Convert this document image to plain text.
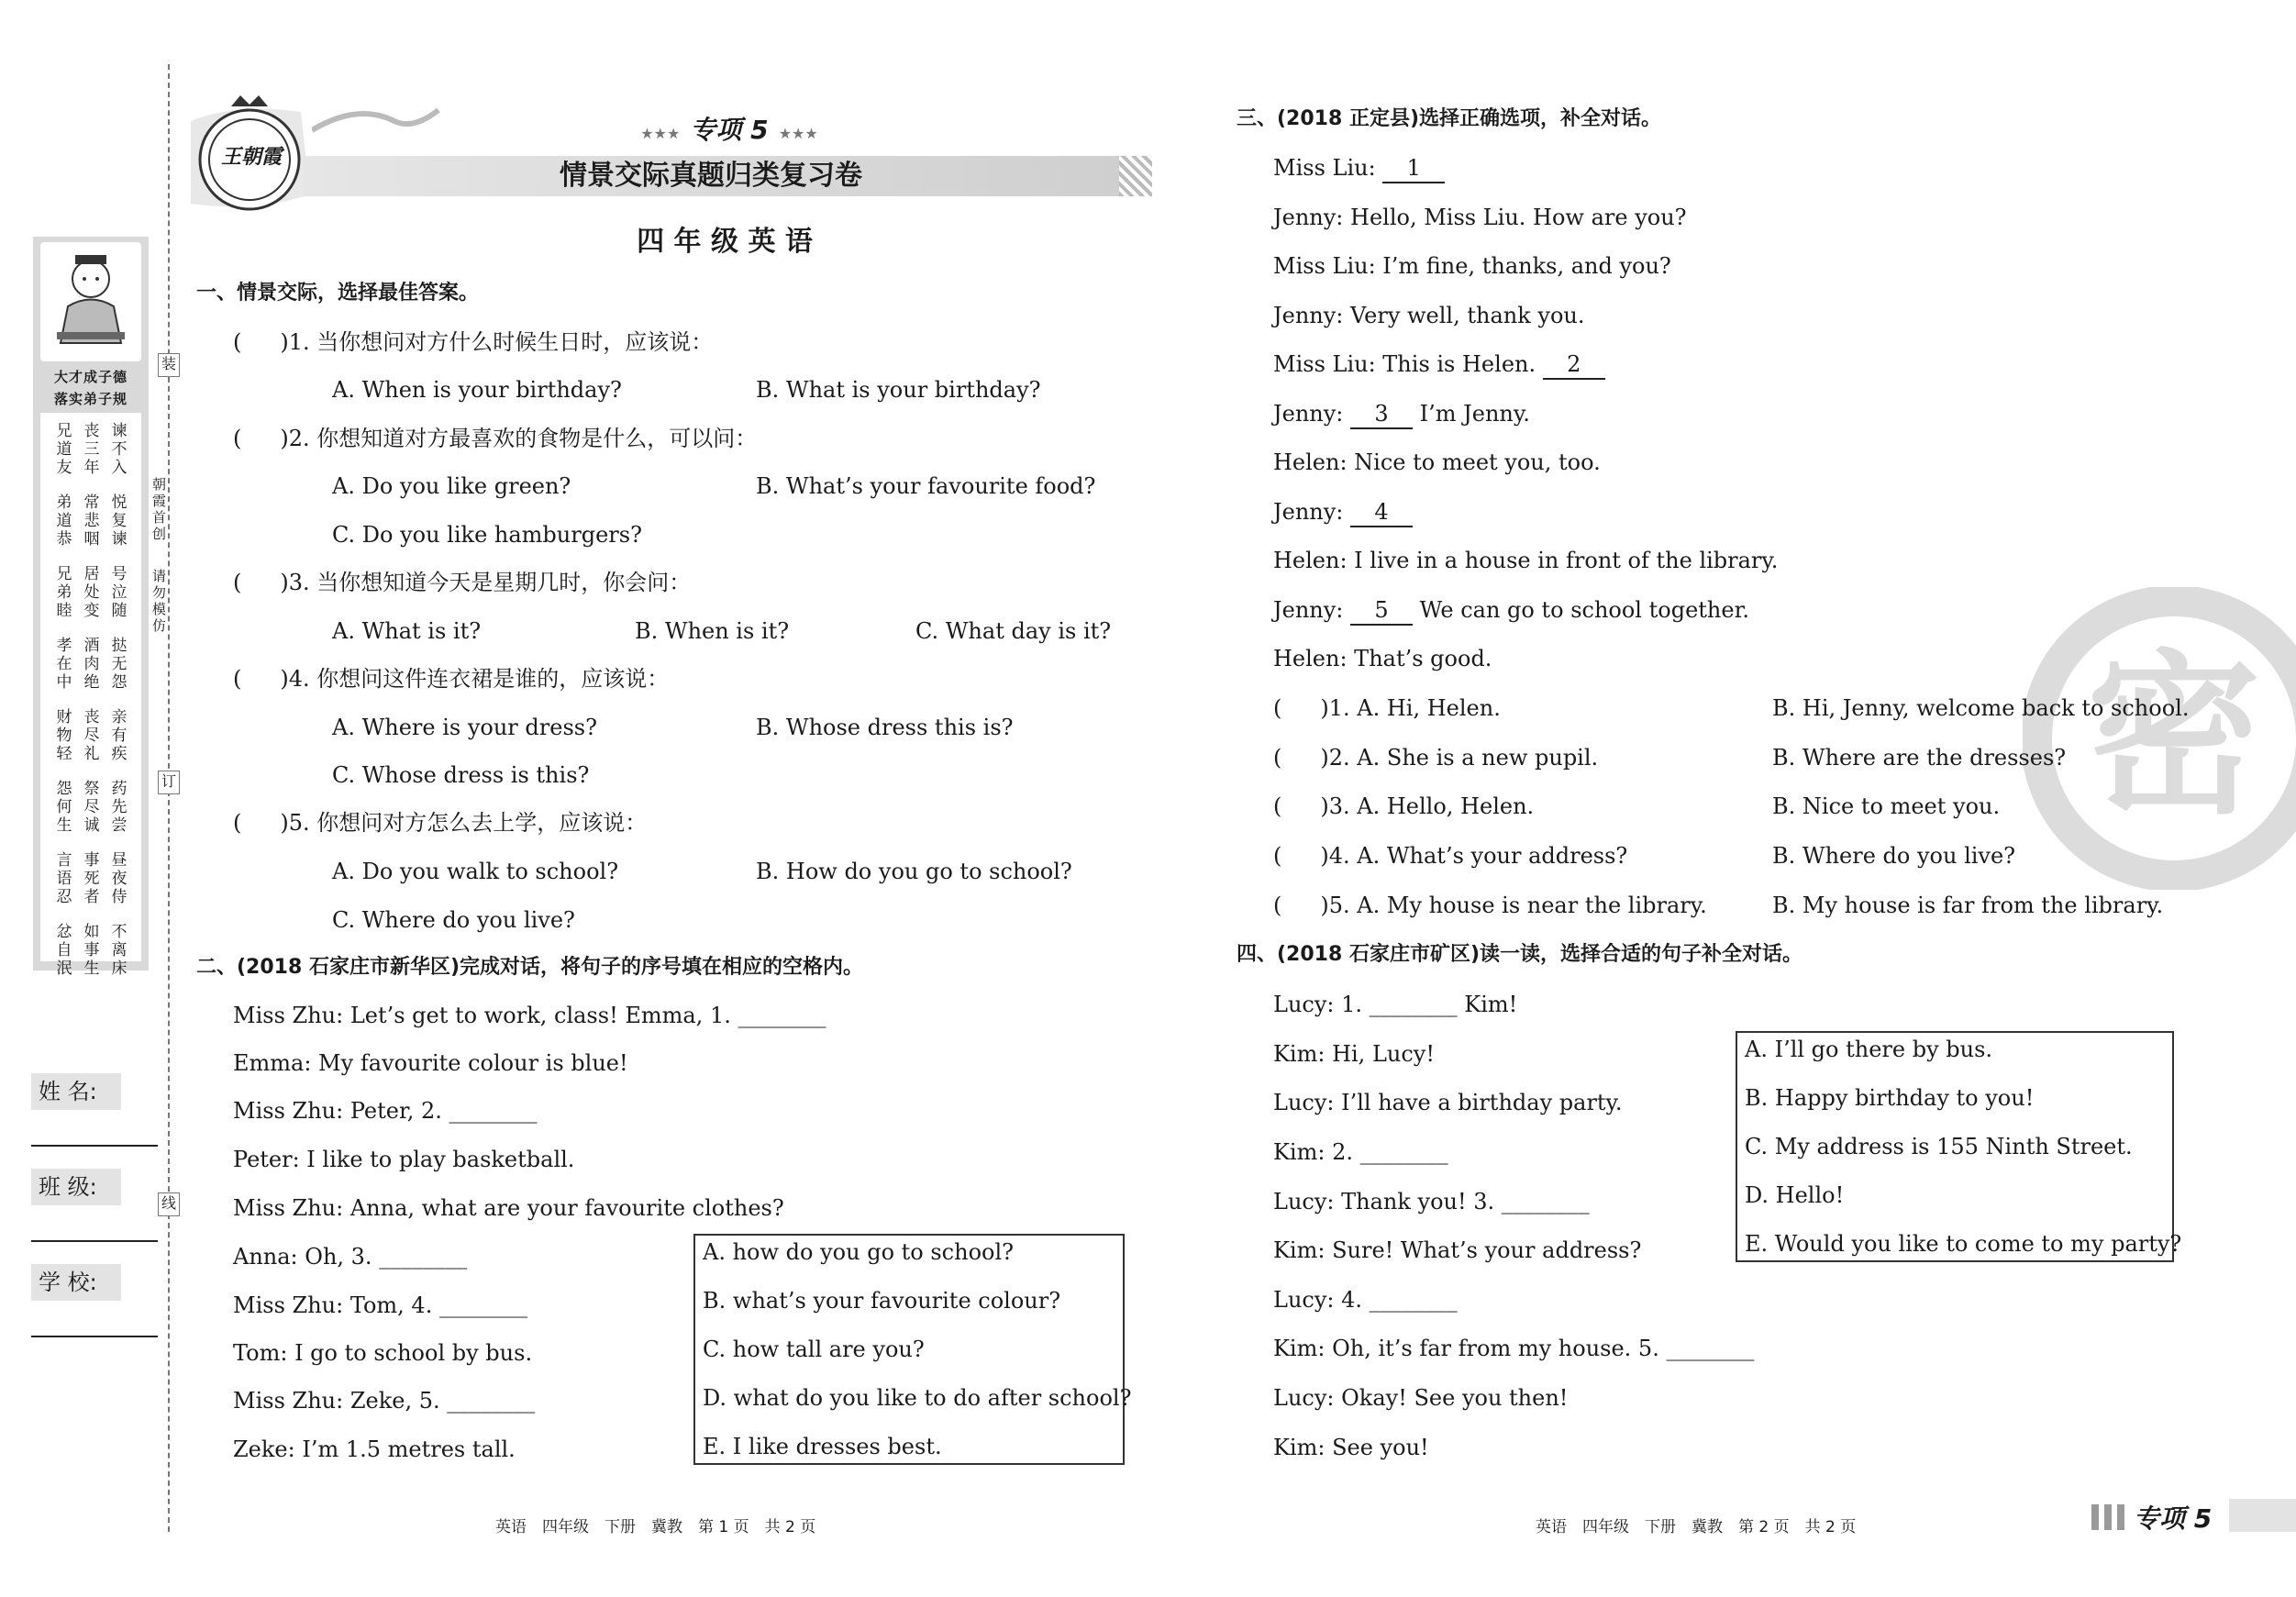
大才成子德
落实弟子规
兄
道
友
弟
道
恭
兄
弟
睦
孝
在
中
财
物
轻
怨
何
生
言
语
忍
忿
自
泯
丧
三
年
常
悲
咽
居
处
变
酒
肉
绝
丧
尽
礼
祭
尽
诚
事
死
者
如
事
生
谏
不
入
悦
复
谏
号
泣
随
挞
无
怨
亲
有
疾
药
先
尝
昼
夜
侍
不
离
床
装
订
线
朝霞首创
请勿模仿
姓 名:
班 级:
学 校:
王朝霞
★★★ 专项 5 ★★★
情景交际真题归类复习卷
四 年 级 英 语
一、情景交际，选择最佳答案。
( )1. 当你想问对方什么时候生日时，应该说：
A. When is your birthday?	B. What is your birthday?
( )2. 你想知道对方最喜欢的食物是什么，可以问：
A. Do you like green?	B. What’s your favourite food?
C. Do you like hamburgers?
( )3. 当你想知道今天是星期几时，你会问：
A. What is it?	B. When is it?	C. What day is it?
( )4. 你想问这件连衣裙是谁的，应该说：
A. Where is your dress?	B. Whose dress this is?
C. Whose dress is this?
( )5. 你想问对方怎么去上学，应该说：
A. Do you walk to school?	B. How do you go to school?
C. Where do you live?
二、(2018 石家庄市新华区)完成对话，将句子的序号填在相应的空格内。
Miss Zhu: Let’s get to work, class! Emma, 1. ________
Emma: My favourite colour is blue!
Miss Zhu: Peter, 2. ________
Peter: I like to play basketball.
Miss Zhu: Anna, what are your favourite clothes?
Anna: Oh, 3. ________
Miss Zhu: Tom, 4. ________
Tom: I go to school by bus.
Miss Zhu: Zeke, 5. ________
Zeke: I’m 1.5 metres tall.
A. how do you go to school?
B. what’s your favourite colour?
C. how tall are you?
D. what do you like to do after school?
E. I like dresses best.
英语　四年级　下册　冀教　第 1 页　共 2 页
密
三、(2018 正定县)选择正确选项，补全对话。
Miss Liu: 1
Jenny: Hello, Miss Liu. How are you?
Miss Liu: I’m fine, thanks, and you?
Jenny: Very well, thank you.
Miss Liu: This is Helen. 2
Jenny: 3 I’m Jenny.
Helen: Nice to meet you, too.
Jenny: 4
Helen: I live in a house in front of the library.
Jenny: 5 We can go to school together.
Helen: That’s good.
( )1. A. Hi, Helen.	B. Hi, Jenny, welcome back to school.
( )2. A. She is a new pupil.	B. Where are the dresses?
( )3. A. Hello, Helen.	B. Nice to meet you.
( )4. A. What’s your address?	B. Where do you live?
( )5. A. My house is near the library.	B. My house is far from the library.
四、(2018 石家庄市矿区)读一读，选择合适的句子补全对话。
Lucy: 1. ________ Kim!
Kim: Hi, Lucy!
Lucy: I’ll have a birthday party.
Kim: 2. ________
Lucy: Thank you! 3. ________
Kim: Sure! What’s your address?
Lucy: 4. ________
Kim: Oh, it’s far from my house. 5. ________
Lucy: Okay! See you then!
Kim: See you!
A. I’ll go there by bus.
B. Happy birthday to you!
C. My address is 155 Ninth Street.
D. Hello!
E. Would you like to come to my party?
英语　四年级　下册　冀教　第 2 页　共 2 页	专项 5
